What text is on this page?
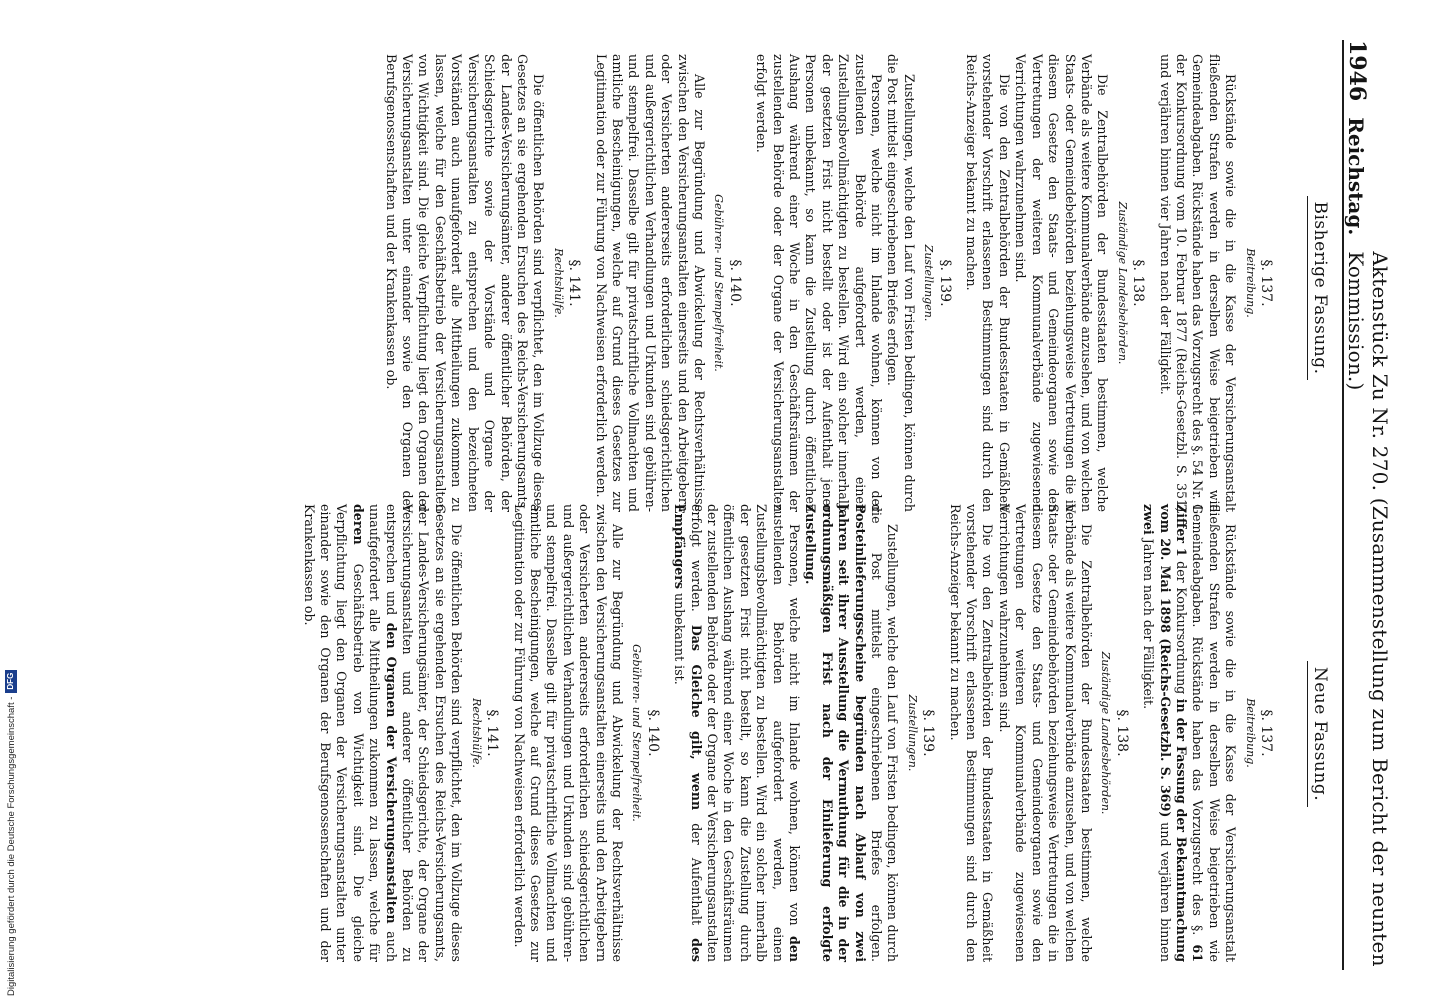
1946
Reichstag.
Aktenstück Zu Nr. 270. (Zusammenstellung zum Bericht der neunten Kommission.)
Bisherige Fassung.
Neue Fassung.
§. 137.
Beitreibung.

Rückstände sowie die in die Kasse der Versicherungsanstalt fließenden Strafen werden in derselben Weise beigetrieben wie Gemeindeabgaben. Rückstände haben das Vorzugsrecht des §. 54 Nr. 1 der Konkursordnung vom 10. Februar 1877 (Reichs-Gesetzbl. S. 351) und verjähren binnen vier Jahren nach der Fälligkeit.

§. 138.
Zuständige Landesbehörden.

Die Zentralbehörden der Bundesstaaten bestimmen, welche Verbände als weitere Kommunalverbände anzusehen, und von welchen Staats- oder Gemeindebehörden beziehungsweise Vertretungen die in diesem Gesetze den Staats- und Gemeindeorganen sowie den Vertretungen der weiteren Kommunalverbände zugewiesenen Verrichtungen wahrzunehmen sind.

Die von den Zentralbehörden der Bundesstaaten in Gemäßheit vorstehender Vorschrift erlassenen Bestimmungen sind durch den Reichs-Anzeiger bekannt zu machen.

§. 139.
Zustellungen.

Zustellungen, welche den Lauf von Fristen bedingen, können durch die Post mittelst eingeschriebenen Briefes erfolgen.

Personen, welche nicht im Inlande wohnen, können von der zustellenden Behörde aufgefordert werden, einen Zustellungsbevollmächtigten zu bestellen. Wird ein solcher innerhalb der gesetzten Frist nicht bestellt oder ist der Aufenthalt jener Personen unbekannt, so kann die Zustellung durch öffentlichen Aushang während einer Woche in den Geschäftsräumen der zustellenden Behörde oder der Organe der Versicherungsanstalten erfolgt werden.

§. 140.
Gebühren- und Stempelfreiheit.

Alle zur Begründung und Abwickelung der Rechtsverhältnisse zwischen den Versicherungsanstalten einerseits und den Arbeitgebern oder Versicherten andererseits erforderlichen schiedsgerichtlichen und außergerichtlichen Verhandlungen und Urkunden sind gebühren- und stempelfrei. Dasselbe gilt für privatschriftliche Vollmachten und amtliche Bescheinigungen, welche auf Grund dieses Gesetzes zur Legitimation oder zur Führung von Nachweisen erforderlich werden.

§. 141.
Rechtshülfe.

Die öffentlichen Behörden sind verpflichtet, den im Vollzuge dieses Gesetzes an sie ergehenden Ersuchen des Reichs-Versicherungsamts, der Landes-Versicherungsämter, anderer öffentlicher Behörden, der Schiedsgerichte sowie der Vorstände und Organe der Versicherungsanstalten zu entsprechen und den bezeichneten Vorständen auch unaufgefordert alle Mittheilungen zukommen zu lassen, welche für den Geschäftsbetrieb der Versicherungsanstalten von Wichtigkeit sind. Die gleiche Verpflichtung liegt den Organen der Versicherungsanstalten unter einander sowie den Organen der Berufsgenossenschaften und der Krankenkassen ob.

§. 137.
Beitreibung.

Rückstände sowie die in die Kasse der Versicherungsanstalt fließenden Strafen werden in derselben Weise beigetrieben wie Gemeindeabgaben. Rückstände haben das Vorzugsrecht des §. 61 Ziffer 1 der Konkursordnung in der Fassung der Bekanntmachung vom 20. Mai 1898 (Reichs-Gesetzbl. S. 369) und verjähren binnen zwei Jahren nach der Fälligkeit.

§. 138.
Zuständige Landesbehörden.

Die Zentralbehörden der Bundesstaaten bestimmen, welche Verbände als weitere Kommunalverbände anzusehen, und von welchen Staats- oder Gemeindebehörden beziehungsweise Vertretungen die in diesem Gesetze den Staats- und Gemeindeorganen sowie den Vertretungen der weiteren Kommunalverbände zugewiesenen Verrichtungen wahrzunehmen sind.

Die von den Zentralbehörden der Bundesstaaten in Gemäßheit vorstehender Vorschrift erlassenen Bestimmungen sind durch den Reichs-Anzeiger bekannt zu machen.

§. 139.
Zustellungen.

Zustellungen, welche den Lauf von Fristen bedingen, können durch die Post mittelst eingeschriebenen Briefes erfolgen. Posteinlieferungsscheine begründen nach Ablauf von zwei Jahren seit ihrer Ausstellung die Vermuthung für die in der ordnungsmäßigen Frist nach der Einlieferung erfolgte Zustellung.

Personen, welche nicht im Inlande wohnen, können von den zustellenden Behörden aufgefordert werden, einen Zustellungsbevollmächtigten zu bestellen. Wird ein solcher innerhalb der gesetzten Frist nicht bestellt, so kann die Zustellung durch öffentlichen Aushang während einer Woche in den Geschäftsräumen der zustellenden Behörde oder der Organe der Versicherungsanstalten erfolgt werden. Das Gleiche gilt, wenn der Aufenthalt des Empfängers unbekannt ist.

§. 140.
Gebühren- und Stempelfreiheit.

Alle zur Begründung und Abwickelung der Rechtsverhältnisse zwischen den Versicherungsanstalten einerseits und den Arbeitgebern oder Versicherten andererseits erforderlichen schiedsgerichtlichen und außergerichtlichen Verhandlungen und Urkunden sind gebühren- und stempelfrei. Dasselbe gilt für privatschriftliche Vollmachten und amtliche Bescheinigungen, welche auf Grund dieses Gesetzes zur Legitimation oder zur Führung von Nachweisen erforderlich werden.

§. 141.
Rechtshülfe.

Die öffentlichen Behörden sind verpflichtet, den im Vollzuge dieses Gesetzes an sie ergehenden Ersuchen des Reichs-Versicherungsamts, der Landes-Versicherungsämter, der Schiedsgerichte, der Organe der Versicherungsanstalten und anderer öffentlicher Behörden zu entsprechen und den Organen der Versicherungsanstalten auch unaufgefordert alle Mittheilungen zukommen zu lassen, welche für deren Geschäftsbetrieb von Wichtigkeit sind. Die gleiche Verpflichtung liegt den Organen der Versicherungsanstalten unter einander sowie den Organen der Berufsgenossenschaften und der Krankenkassen ob.

Digitalisierung gefördert durch die Deutsche Forschungsgemeinschaft -
DFG
